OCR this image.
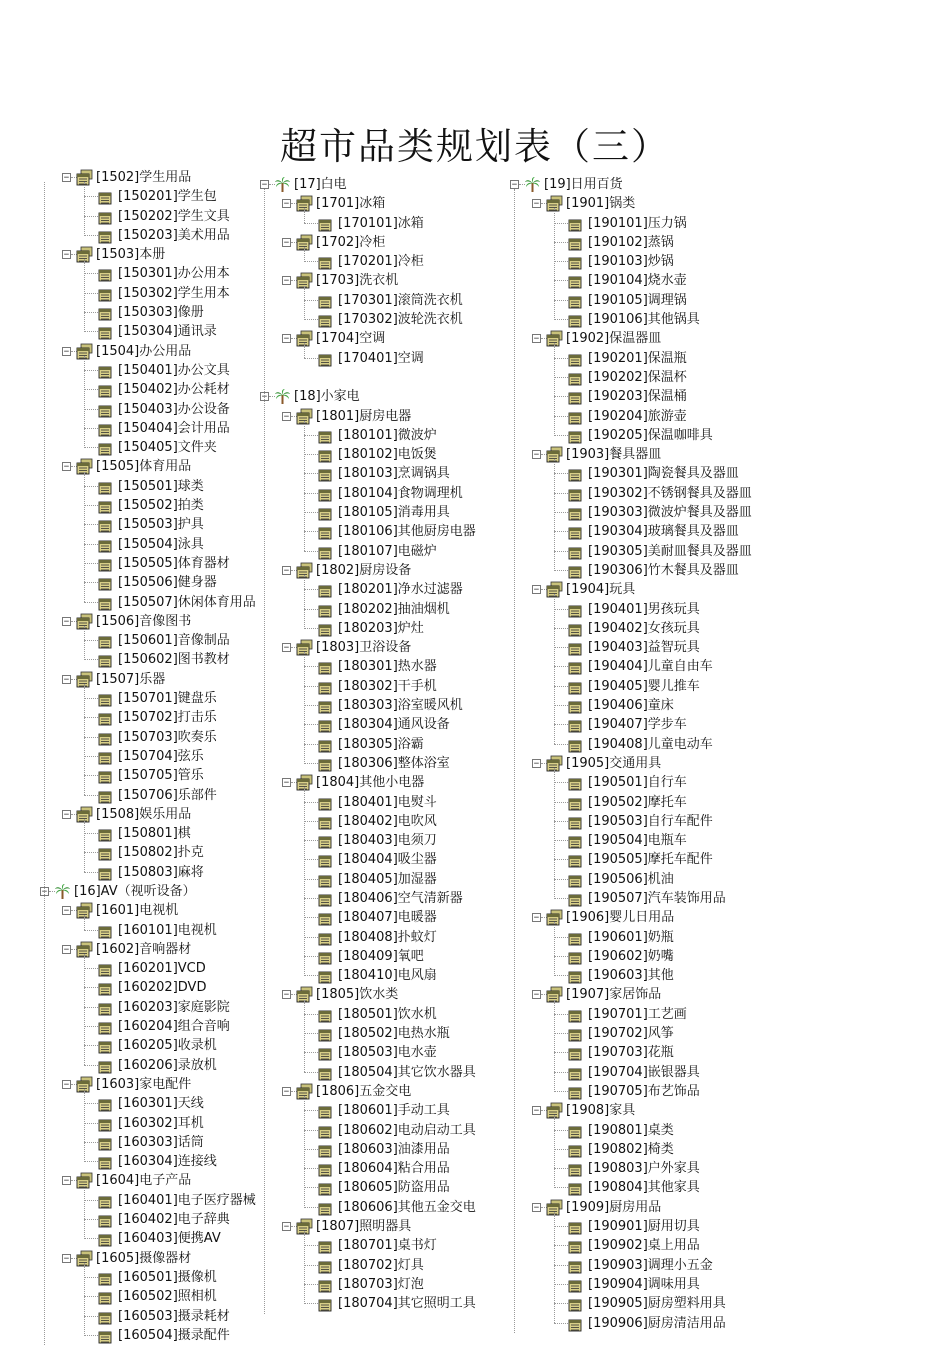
超市品类规划表（三）
− [1502]学生用品
[150201]学生包
[150202]学生文具
[150203]美术用品
− [1503]本册
[150301]办公用本
[150302]学生用本
[150303]像册
[150304]通讯录
− [1504]办公用品
[150401]办公文具
[150402]办公耗材
[150403]办公设备
[150404]会计用品
[150405]文件夹
− [1505]体育用品
[150501]球类
[150502]拍类
[150503]护具
[150504]泳具
[150505]体育器材
[150506]健身器
[150507]休闲体育用品
− [1506]音像图书
[150601]音像制品
[150602]图书教材
− [1507]乐器
[150701]键盘乐
[150702]打击乐
[150703]吹奏乐
[150704]弦乐
[150705]管乐
[150706]乐部件
− [1508]娱乐用品
[150801]棋
[150802]扑克
[150803]麻将
− [16]AV（视听设备）
− [1601]电视机
[160101]电视机
− [1602]音响器材
[160201]VCD
[160202]DVD
[160203]家庭影院
[160204]组合音响
[160205]收录机
[160206]录放机
− [1603]家电配件
[160301]天线
[160302]耳机
[160303]话筒
[160304]连接线
− [1604]电子产品
[160401]电子医疗器械
[160402]电子辞典
[160403]便携AV
− [1605]摄像器材
[160501]摄像机
[160502]照相机
[160503]摄录耗材
[160504]摄录配件
− [17]白电
− [1701]冰箱
[170101]冰箱
− [1702]冷柜
[170201]冷柜
− [1703]洗衣机
[170301]滚筒洗衣机
[170302]波轮洗衣机
− [1704]空调
[170401]空调
− [18]小家电
− [1801]厨房电器
[180101]微波炉
[180102]电饭煲
[180103]烹调锅具
[180104]食物调理机
[180105]消毒用具
[180106]其他厨房电器
[180107]电磁炉
− [1802]厨房设备
[180201]净水过滤器
[180202]抽油烟机
[180203]炉灶
− [1803]卫浴设备
[180301]热水器
[180302]干手机
[180303]浴室暖风机
[180304]通风设备
[180305]浴霸
[180306]整体浴室
− [1804]其他小电器
[180401]电熨斗
[180402]电吹风
[180403]电须刀
[180404]吸尘器
[180405]加湿器
[180406]空气清新器
[180407]电暖器
[180408]扑蚊灯
[180409]氧吧
[180410]电风扇
− [1805]饮水类
[180501]饮水机
[180502]电热水瓶
[180503]电水壶
[180504]其它饮水器具
− [1806]五金交电
[180601]手动工具
[180602]电动启动工具
[180603]油漆用品
[180604]粘合用品
[180605]防盗用品
[180606]其他五金交电
− [1807]照明器具
[180701]桌书灯
[180702]灯具
[180703]灯泡
[180704]其它照明工具
− [19]日用百货
− [1901]锅类
[190101]压力锅
[190102]蒸锅
[190103]炒锅
[190104]烧水壶
[190105]调理锅
[190106]其他锅具
− [1902]保温器皿
[190201]保温瓶
[190202]保温杯
[190203]保温桶
[190204]旅游壶
[190205]保温咖啡具
− [1903]餐具器皿
[190301]陶瓷餐具及器皿
[190302]不锈钢餐具及器皿
[190303]微波炉餐具及器皿
[190304]玻璃餐具及器皿
[190305]美耐皿餐具及器皿
[190306]竹木餐具及器皿
− [1904]玩具
[190401]男孩玩具
[190402]女孩玩具
[190403]益智玩具
[190404]儿童自由车
[190405]婴儿推车
[190406]童床
[190407]学步车
[190408]儿童电动车
− [1905]交通用具
[190501]自行车
[190502]摩托车
[190503]自行车配件
[190504]电瓶车
[190505]摩托车配件
[190506]机油
[190507]汽车装饰用品
− [1906]婴儿日用品
[190601]奶瓶
[190602]奶嘴
[190603]其他
− [1907]家居饰品
[190701]工艺画
[190702]风筝
[190703]花瓶
[190704]嵌银器具
[190705]布艺饰品
− [1908]家具
[190801]桌类
[190802]椅类
[190803]户外家具
[190804]其他家具
− [1909]厨房用品
[190901]厨用切具
[190902]桌上用品
[190903]调理小五金
[190904]调味用具
[190905]厨房塑料用具
[190906]厨房清洁用品
